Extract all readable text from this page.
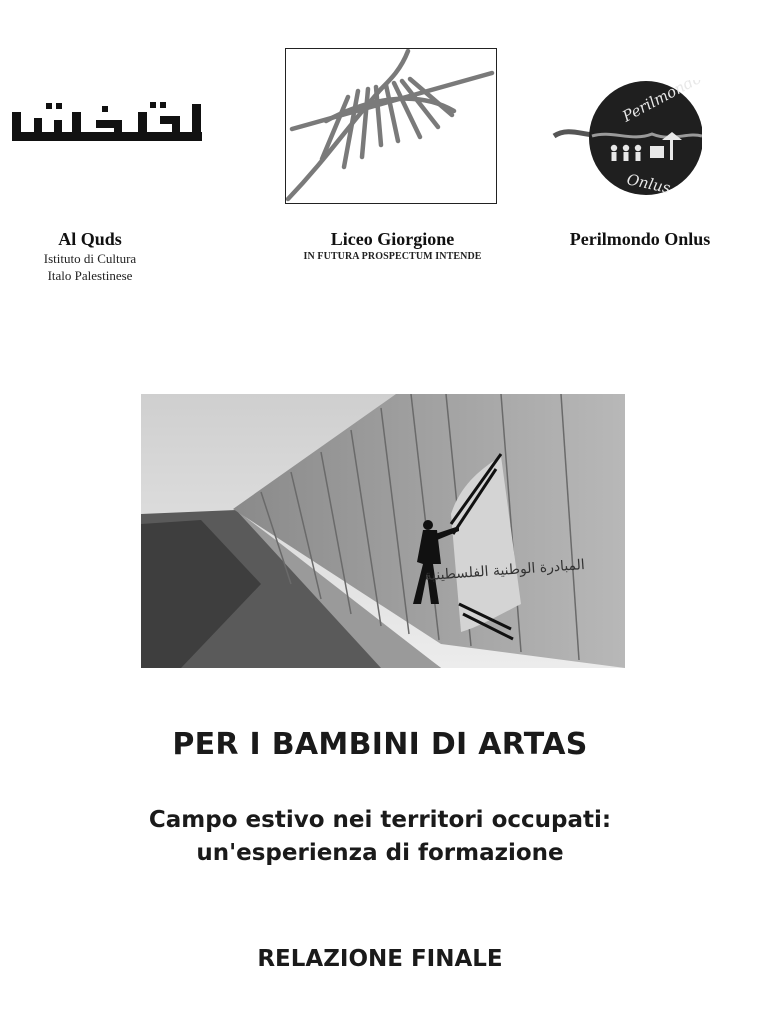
القدس
Perilmondo
Onlus
Al Quds
Istituto di Cultura
Italo Palestinese
Liceo Giorgione
IN FUTURA PROSPECTUM INTENDE
Perilmondo Onlus
المبادرة الوطنية الفلسطينية
PER I BAMBINI DI ARTAS
Campo estivo nei territori occupati:
un'esperienza di formazione
RELAZIONE FINALE
